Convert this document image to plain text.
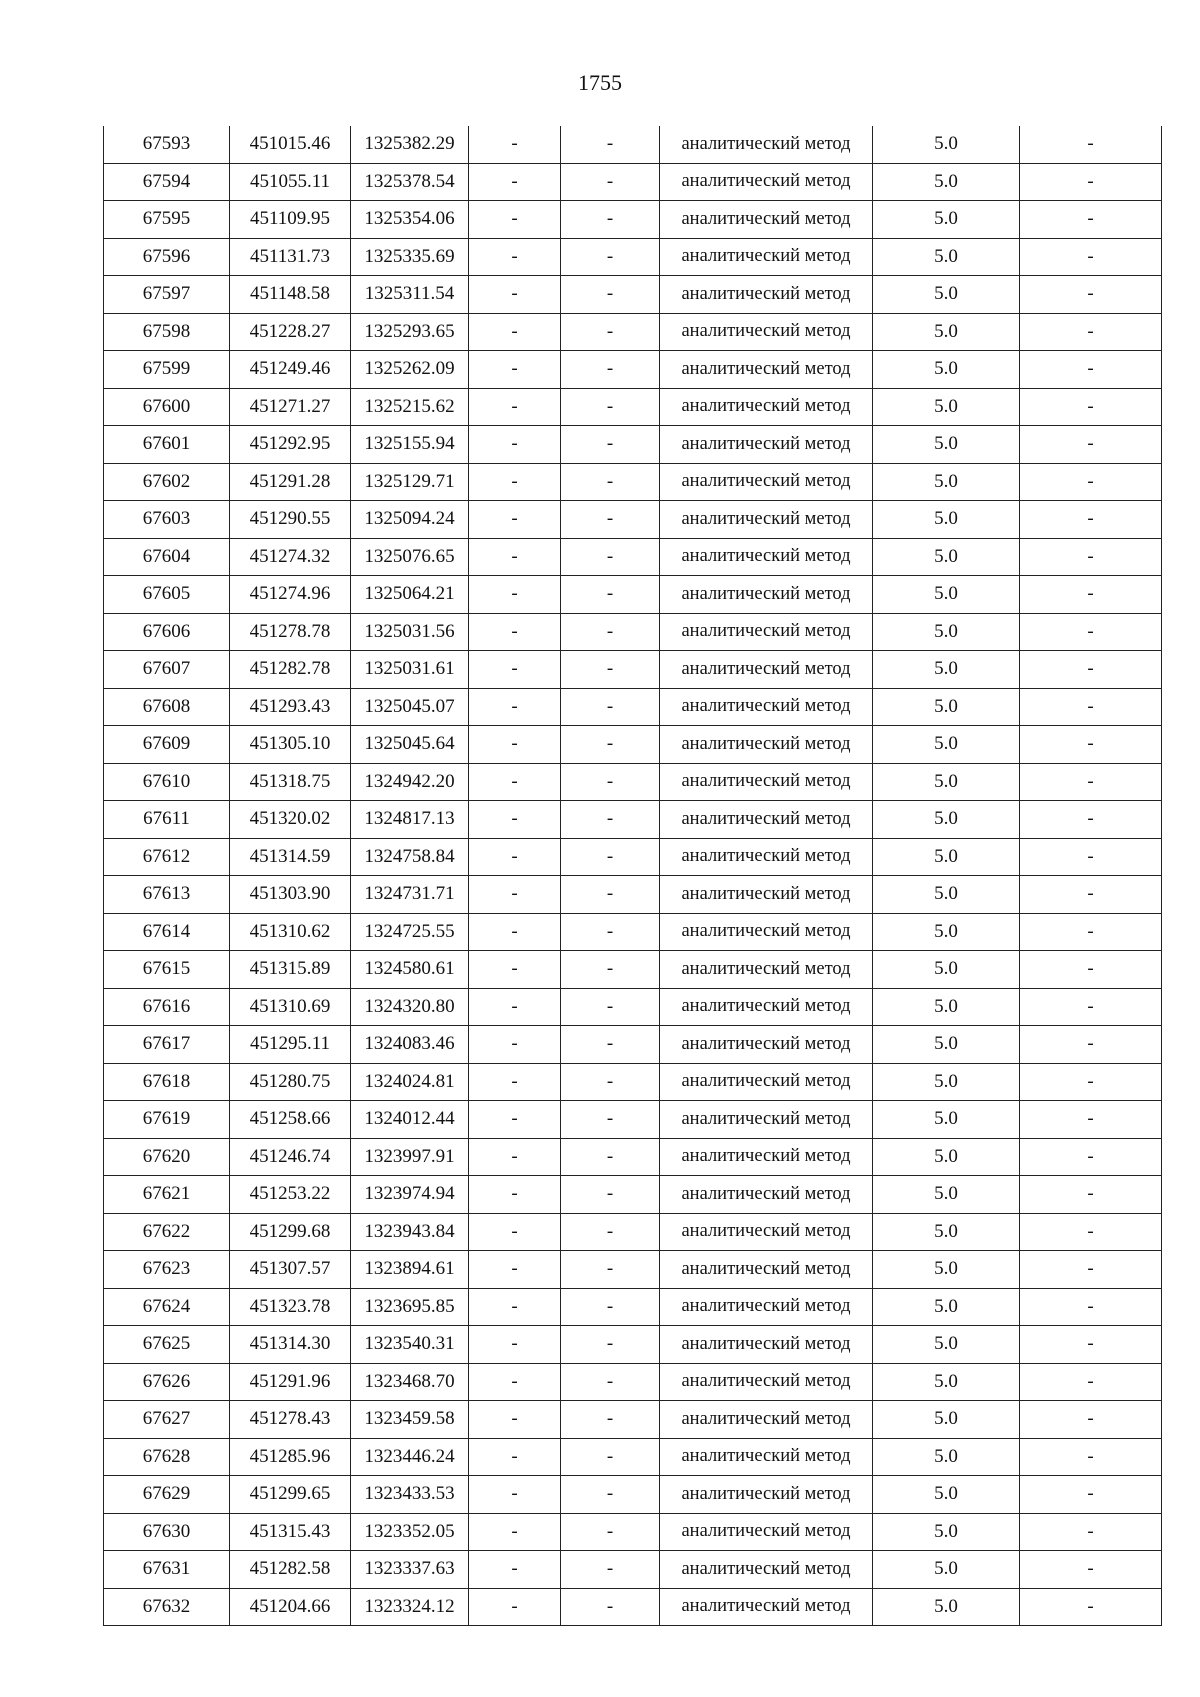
1755
67593	451015.46	1325382.29	-	-	аналитический метод	5.0	-
67594	451055.11	1325378.54	-	-	аналитический метод	5.0	-
67595	451109.95	1325354.06	-	-	аналитический метод	5.0	-
67596	451131.73	1325335.69	-	-	аналитический метод	5.0	-
67597	451148.58	1325311.54	-	-	аналитический метод	5.0	-
67598	451228.27	1325293.65	-	-	аналитический метод	5.0	-
67599	451249.46	1325262.09	-	-	аналитический метод	5.0	-
67600	451271.27	1325215.62	-	-	аналитический метод	5.0	-
67601	451292.95	1325155.94	-	-	аналитический метод	5.0	-
67602	451291.28	1325129.71	-	-	аналитический метод	5.0	-
67603	451290.55	1325094.24	-	-	аналитический метод	5.0	-
67604	451274.32	1325076.65	-	-	аналитический метод	5.0	-
67605	451274.96	1325064.21	-	-	аналитический метод	5.0	-
67606	451278.78	1325031.56	-	-	аналитический метод	5.0	-
67607	451282.78	1325031.61	-	-	аналитический метод	5.0	-
67608	451293.43	1325045.07	-	-	аналитический метод	5.0	-
67609	451305.10	1325045.64	-	-	аналитический метод	5.0	-
67610	451318.75	1324942.20	-	-	аналитический метод	5.0	-
67611	451320.02	1324817.13	-	-	аналитический метод	5.0	-
67612	451314.59	1324758.84	-	-	аналитический метод	5.0	-
67613	451303.90	1324731.71	-	-	аналитический метод	5.0	-
67614	451310.62	1324725.55	-	-	аналитический метод	5.0	-
67615	451315.89	1324580.61	-	-	аналитический метод	5.0	-
67616	451310.69	1324320.80	-	-	аналитический метод	5.0	-
67617	451295.11	1324083.46	-	-	аналитический метод	5.0	-
67618	451280.75	1324024.81	-	-	аналитический метод	5.0	-
67619	451258.66	1324012.44	-	-	аналитический метод	5.0	-
67620	451246.74	1323997.91	-	-	аналитический метод	5.0	-
67621	451253.22	1323974.94	-	-	аналитический метод	5.0	-
67622	451299.68	1323943.84	-	-	аналитический метод	5.0	-
67623	451307.57	1323894.61	-	-	аналитический метод	5.0	-
67624	451323.78	1323695.85	-	-	аналитический метод	5.0	-
67625	451314.30	1323540.31	-	-	аналитический метод	5.0	-
67626	451291.96	1323468.70	-	-	аналитический метод	5.0	-
67627	451278.43	1323459.58	-	-	аналитический метод	5.0	-
67628	451285.96	1323446.24	-	-	аналитический метод	5.0	-
67629	451299.65	1323433.53	-	-	аналитический метод	5.0	-
67630	451315.43	1323352.05	-	-	аналитический метод	5.0	-
67631	451282.58	1323337.63	-	-	аналитический метод	5.0	-
67632	451204.66	1323324.12	-	-	аналитический метод	5.0	-
